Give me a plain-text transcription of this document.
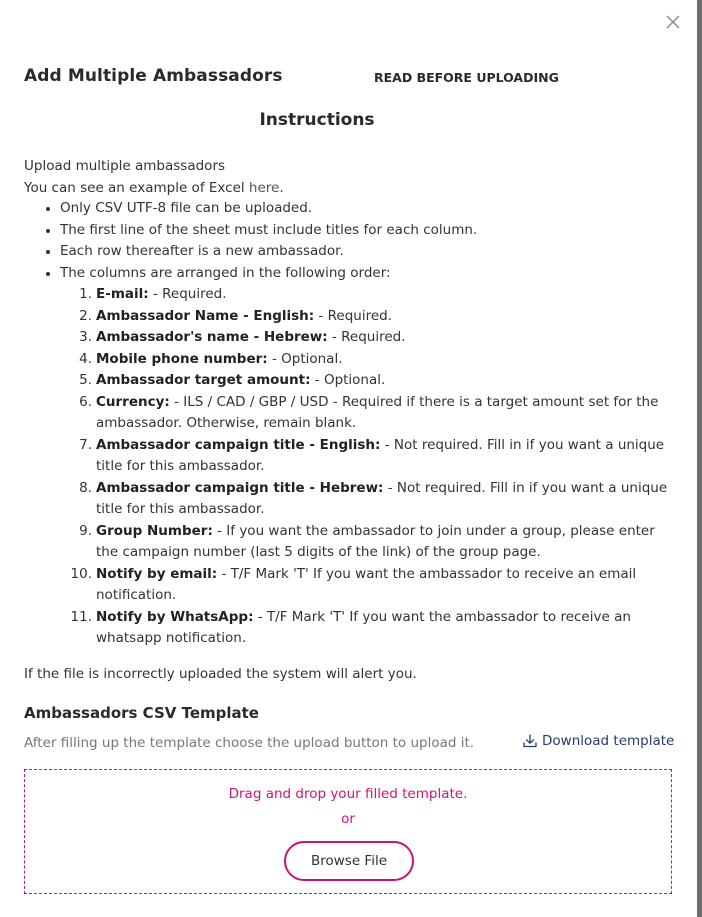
Add Multiple Ambassadors	READ BEFORE UPLOADING
Instructions
Upload multiple ambassadors
You can see an example of Excel here.
Only CSV UTF-8 file can be uploaded.
The first line of the sheet must include titles for each column.
Each row thereafter is a new ambassador.
The columns are arranged in the following order:
1. E-mail: - Required.
2. Ambassador Name - English: - Required.
3. Ambassador's name - Hebrew: - Required.
4. Mobile phone number: - Optional.
5. Ambassador target amount: - Optional.
6. Currency: - ILS / CAD / GBP / USD - Required if there is a target amount set for the ambassador. Otherwise, remain blank.
7. Ambassador campaign title - English: - Not required. Fill in if you want a unique title for this ambassador.
8. Ambassador campaign title - Hebrew: - Not required. Fill in if you want a unique title for this ambassador.
9. Group Number: - If you want the ambassador to join under a group, please enter the campaign number (last 5 digits of the link) of the group page.
10. Notify by email: - T/F Mark 'T' If you want the ambassador to receive an email notification.
11. Notify by WhatsApp: - T/F Mark 'T' If you want the ambassador to receive an whatsapp notification.
If the file is incorrectly uploaded the system will alert you.
Ambassadors CSV Template
After filling up the template choose the upload button to upload it.	Download template
Drag and drop your filled template.
or
Browse File
